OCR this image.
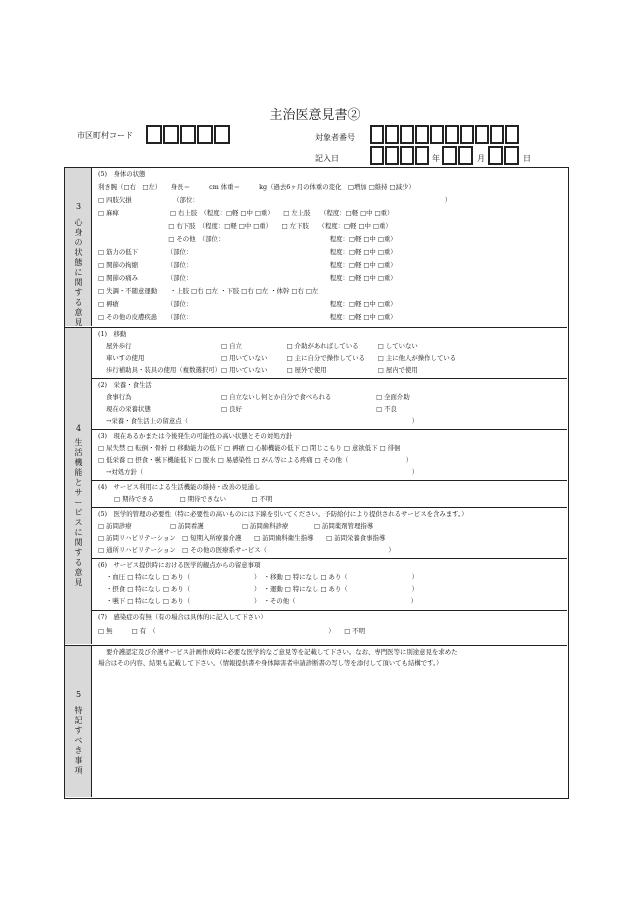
主治医意見書②
市区町村コード	対象者番号
記入日	年	月	日
3
心身の状態に関する意見
(5)　身体の状態
利き腕（□右　□左）　　身長＝　　　cm 体重＝　　　kg（過去6ヶ月の体重の変化　□増加 □維持 □減少）
□ 四肢欠損　　　　　　　（部位：　　　　　　　　　　　　　　　　　　　　　　　　　　　　　　　　　　　　　　　）
□ 麻痺　　　　　　　　□ 右上肢　（程度：□軽 □中 □重）　　□ 左上肢　　（程度：□軽 □中 □重）
　　　　　　　　　　　□ 右下肢　（程度：□軽 □中 □重）　　□ 左下肢　　（程度：□軽 □中 □重）
　　　　　　　　　　　□ その他　（部位：　　　　　　　　　　　　　　　　　程度：□軽 □中 □重）
□ 筋力の低下　　　　　（部位：　　　　　　　　　　　　　　　　　　　　　　程度：□軽 □中 □重）
□ 関節の拘縮　　　　　（部位：　　　　　　　　　　　　　　　　　　　　　　程度：□軽 □中 □重）
□ 関節の痛み　　　　　（部位：　　　　　　　　　　　　　　　　　　　　　　程度：□軽 □中 □重）
□ 失調・不随意運動　　・上肢 □右 □左 ・下肢 □右 □左 ・体幹 □右 □左
□ 褥瘡　　　　　　　　（部位：　　　　　　　　　　　　　　　　　　　　　　程度：□軽 □中 □重）
□ その他の皮膚疾患　　（部位：　　　　　　　　　　　　　　　　　　　　　　程度：□軽 □中 □重）
4
生活機能とサービスに関する意見
(1)　移動
屋外歩行　　　　　　　　　　　　　　□ 自立　　　　　　　□ 介助があればしている　　　□ していない
車いすの使用　　　　　　　　　　　　□ 用いていない　　　□ 主に自分で操作している　　□ 主に他人が操作している
歩行補助具・装具の使用（複数選択可）□ 用いていない　　　□ 屋外で使用　　　　　　　　□ 屋内で使用
(2)　栄養・食生活
食事行為　　　　　　　　　　　　　　□ 自立ないし何とか自分で食べられる　　　　　　　□ 全面介助
現在の栄養状態　　　　　　　　　　　□ 良好　　　　　　　　　　　　　　　　　　　　　□ 不良
→栄養・食生活上の留意点（　　　　　　　　　　　　　　　　　　　　　　　　　　　　　　　　　　　）
(3)　現在あるかまたは今後発生の可能性の高い状態とその対処方針
□ 尿失禁 □ 転倒・骨折 □ 移動能力の低下 □ 褥瘡 □ 心肺機能の低下 □ 閉じこもり □ 意欲低下 □ 徘徊
□ 低栄養 □ 摂食・嚥下機能低下 □ 脱水 □ 易感染性 □ がん等による疼痛 □ その他（　　　　　　　　　）
→対処方針（　　　　　　　　　　　　　　　　　　　　　　　　　　　　　　　　　　　　　　　　　　）
(4)　サービス利用による生活機能の維持・改善の見通し
□ 期待できる　　　　□ 期待できない　　　　□ 不明
(5)　医学的管理の必要性（特に必要性の高いものには下線を引いてください。予防給付により提供されるサービスを含みます。）
□ 訪問診療　　　　　　□ 訪問看護　　　　　　□ 訪問歯科診療　　　　□ 訪問薬剤管理指導
□ 訪問リハビリテーション　□ 短期入所療養介護　　□ 訪問歯科衛生指導　　□ 訪問栄養食事指導
□ 通所リハビリテーション　□ その他の医療系サービス（　　　　　　　　　　　　　　　　　　　）
(6)　サービス提供時における医学的観点からの留意事項
・血圧 □ 特になし □ あり（　　　　　　　　　　）　・移動 □ 特になし □ あり（　　　　　　　　　　）
・摂食 □ 特になし □ あり（　　　　　　　　　　）　・運動 □ 特になし □ あり（　　　　　　　　　　）
・嚥下 □ 特になし □ あり（　　　　　　　　　　）　・その他（　　　　　　　　　　　　　　　　　　）
(7)　感染症の有無（有の場合は具体的に記入して下さい）
□ 無　　　□ 有　（　　　　　　　　　　　　　　　　　　　　　　　　　　　）　　□ 不明
5
特記すべき事項
要介護認定及び介護サービス計画作成時に必要な医学的なご意見等を記載して下さい。なお、専門医等に別途意見を求めた
場合はその内容、結果も記載して下さい。（情報提供書や身体障害者申請診断書の写し等を添付して頂いても結構です。）
